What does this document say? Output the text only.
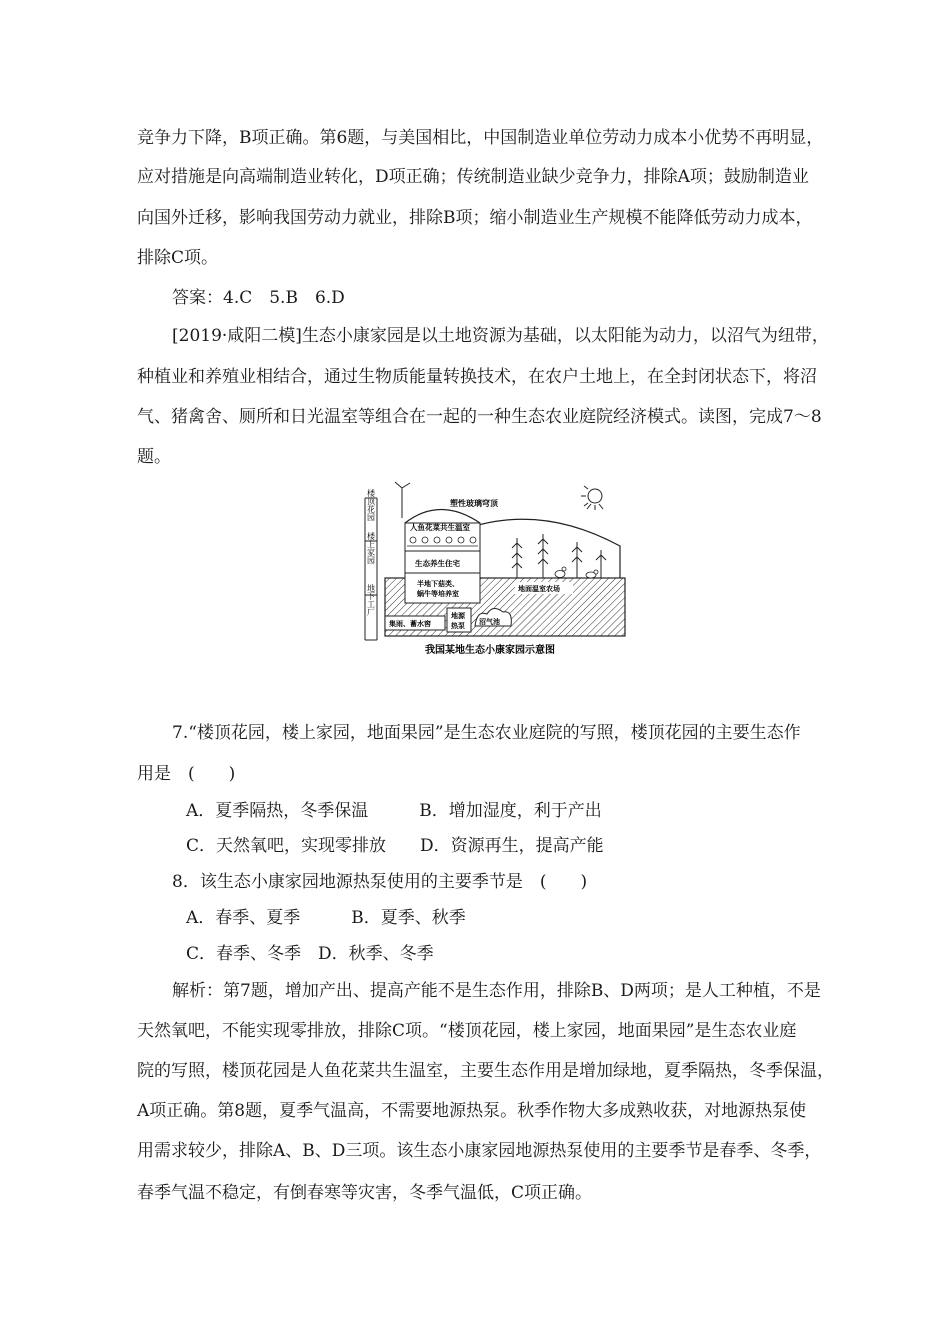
竞争力下降，B项正确。第6题，与美国相比，中国制造业单位劳动力成本小优势不再明显，
应对措施是向高端制造业转化，D项正确；传统制造业缺少竞争力，排除A项；鼓励制造业
向国外迁移，影响我国劳动力就业，排除B项；缩小制造业生产规模不能降低劳动力成本，
排除C项。
答案：4.C　5.B　6.D
[2019·咸阳二模]生态小康家园是以土地资源为基础，以太阳能为动力，以沼气为纽带，
种植业和养殖业相结合，通过生物质能量转换技术，在农户土地上，在全封闭状态下，将沼
气、猪禽舍、厕所和日光温室等组合在一起的一种生态农业庭院经济模式。读图，完成7～8
题。
楼顶花园
楼上家园
地下工厂
塑性玻璃穹顶
人鱼花菜共生温室
生态养生住宅
半地下菇类、
蜗牛等培养室
集雨、蓄水窖
地源
热泵 沼气池
地面温室农场
我国某地生态小康家园示意图
7.“楼顶花园，楼上家园，地面果园”是生态农业庭院的写照，楼顶花园的主要生态作
用是　(　　)
A．夏季隔热，冬季保温　　　B．增加湿度，利于产出
C．天然氧吧，实现零排放　　D．资源再生，提高产能
8．该生态小康家园地源热泵使用的主要季节是　(　　)
A．春季、夏季　　　B．夏季、秋季
C．春季、冬季　D．秋季、冬季
解析：第7题，增加产出、提高产能不是生态作用，排除B、D两项；是人工种植，不是
天然氧吧，不能实现零排放，排除C项。“楼顶花园，楼上家园，地面果园”是生态农业庭
院的写照，楼顶花园是人鱼花菜共生温室，主要生态作用是增加绿地，夏季隔热，冬季保温，
A项正确。第8题，夏季气温高，不需要地源热泵。秋季作物大多成熟收获，对地源热泵使
用需求较少，排除A、B、D三项。该生态小康家园地源热泵使用的主要季节是春季、冬季，
春季气温不稳定，有倒春寒等灾害，冬季气温低，C项正确。
